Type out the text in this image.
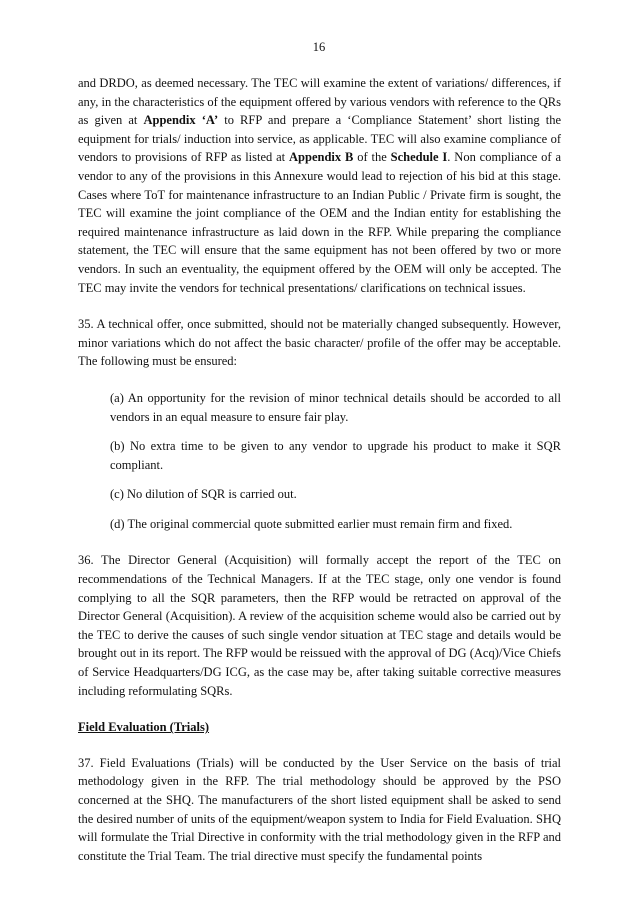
16

and DRDO, as deemed necessary. The TEC will examine the extent of variations/ differences, if any, in the characteristics of the equipment offered by various vendors with reference to the QRs as given at Appendix ‘A’ to RFP and prepare a ‘Compliance Statement’ short listing the equipment for trials/ induction into service, as applicable. TEC will also examine compliance of vendors to provisions of RFP as listed at Appendix B of the Schedule I. Non compliance of a vendor to any of the provisions in this Annexure would lead to rejection of his bid at this stage. Cases where ToT for maintenance infrastructure to an Indian Public / Private firm is sought, the TEC will examine the joint compliance of the OEM and the Indian entity for establishing the required maintenance infrastructure as laid down in the RFP. While preparing the compliance statement, the TEC will ensure that the same equipment has not been offered by two or more vendors. In such an eventuality, the equipment offered by the OEM will only be accepted. The TEC may invite the vendors for technical presentations/ clarifications on technical issues.

35. A technical offer, once submitted, should not be materially changed subsequently. However, minor variations which do not affect the basic character/ profile of the offer may be acceptable. The following must be ensured:

(a) An opportunity for the revision of minor technical details should be accorded to all vendors in an equal measure to ensure fair play.

(b) No extra time to be given to any vendor to upgrade his product to make it SQR compliant.

(c) No dilution of SQR is carried out.

(d) The original commercial quote submitted earlier must remain firm and fixed.

36. The Director General (Acquisition) will formally accept the report of the TEC on recommendations of the Technical Managers. If at the TEC stage, only one vendor is found complying to all the SQR parameters, then the RFP would be retracted on approval of the Director General (Acquisition). A review of the acquisition scheme would also be carried out by the TEC to derive the causes of such single vendor situation at TEC stage and details would be brought out in its report. The RFP would be reissued with the approval of DG (Acq)/Vice Chiefs of Service Headquarters/DG ICG, as the case may be, after taking suitable corrective measures including reformulating SQRs.

Field Evaluation (Trials)

37. Field Evaluations (Trials) will be conducted by the User Service on the basis of trial methodology given in the RFP. The trial methodology should be approved by the PSO concerned at the SHQ. The manufacturers of the short listed equipment shall be asked to send the desired number of units of the equipment/weapon system to India for Field Evaluation. SHQ will formulate the Trial Directive in conformity with the trial methodology given in the RFP and constitute the Trial Team. The trial directive must specify the fundamental points
